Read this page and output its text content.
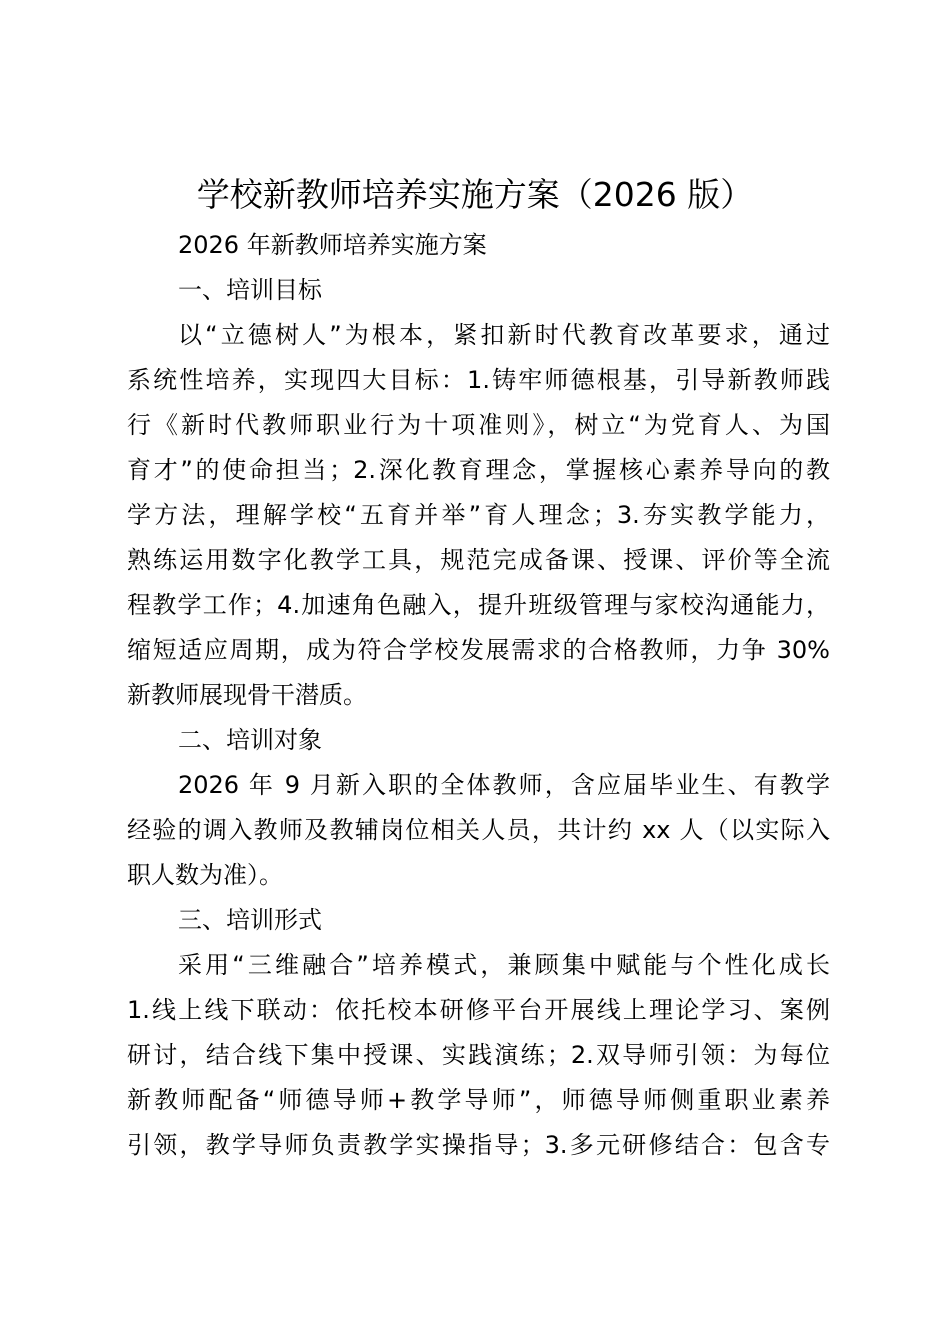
学校新教师培养实施方案（2026 版）

2026 年新教师培养实施方案

一、培训目标

以“立德树人”为根本，紧扣新时代教育改革要求，通过

系统性培养，实现四大目标：1.铸牢师德根基，引导新教师践

行《新时代教师职业行为十项准则》，树立“为党育人、为国

育才”的使命担当；2.深化教育理念，掌握核心素养导向的教

学方法，理解学校“五育并举”育人理念；3.夯实教学能力，

熟练运用数字化教学工具，规范完成备课、授课、评价等全流

程教学工作；4.加速角色融入，提升班级管理与家校沟通能力，

缩短适应周期，成为符合学校发展需求的合格教师，力争 30%

新教师展现骨干潜质。

二、培训对象

2026 年 9 月新入职的全体教师，含应届毕业生、有教学

经验的调入教师及教辅岗位相关人员，共计约 xx 人（以实际入

职人数为准）。

三、培训形式

采用“三维融合”培养模式，兼顾集中赋能与个性化成长

1.线上线下联动：依托校本研修平台开展线上理论学习、案例

研讨，结合线下集中授课、实践演练；2.双导师引领：为每位

新教师配备“师德导师+教学导师”，师德导师侧重职业素养

引领，教学导师负责教学实操指导；3.多元研修结合：包含专
